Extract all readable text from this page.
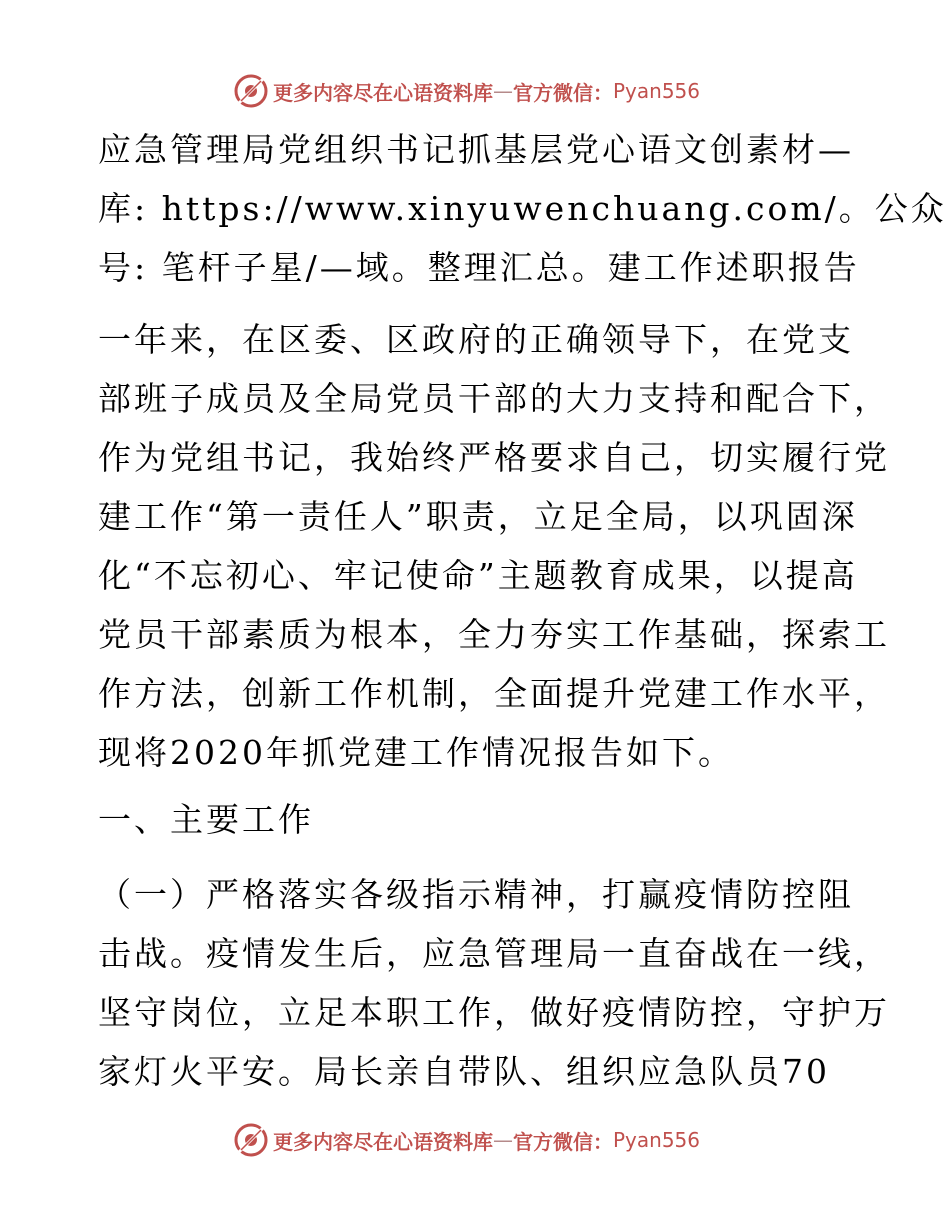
更多内容尽在心语资料库 — 官方微信： Pyan556
应急管理局党组织书记抓基层党心语文创素材—
库: https://www.xinyuwenchuang.com/。公众
号: 笔杆子星/—域。整理汇总。建工作述职报告
一年来，在区委、区政府的正确领导下，在党支
部班子成员及全局党员干部的大力支持和配合下，
作为党组书记，我始终严格要求自己，切实履行党
建工作“第一责任人”职责，立足全局，以巩固深
化“不忘初心、牢记使命”主题教育成果，以提高
党员干部素质为根本，全力夯实工作基础，探索工
作方法，创新工作机制，全面提升党建工作水平，
现将2020年抓党建工作情况报告如下。
一、主要工作
（一）严格落实各级指示精神，打赢疫情防控阻
击战。疫情发生后，应急管理局一直奋战在一线，
坚守岗位，立足本职工作，做好疫情防控，守护万
家灯火平安。局长亲自带队、组织应急队员70
更多内容尽在心语资料库 — 官方微信： Pyan556
